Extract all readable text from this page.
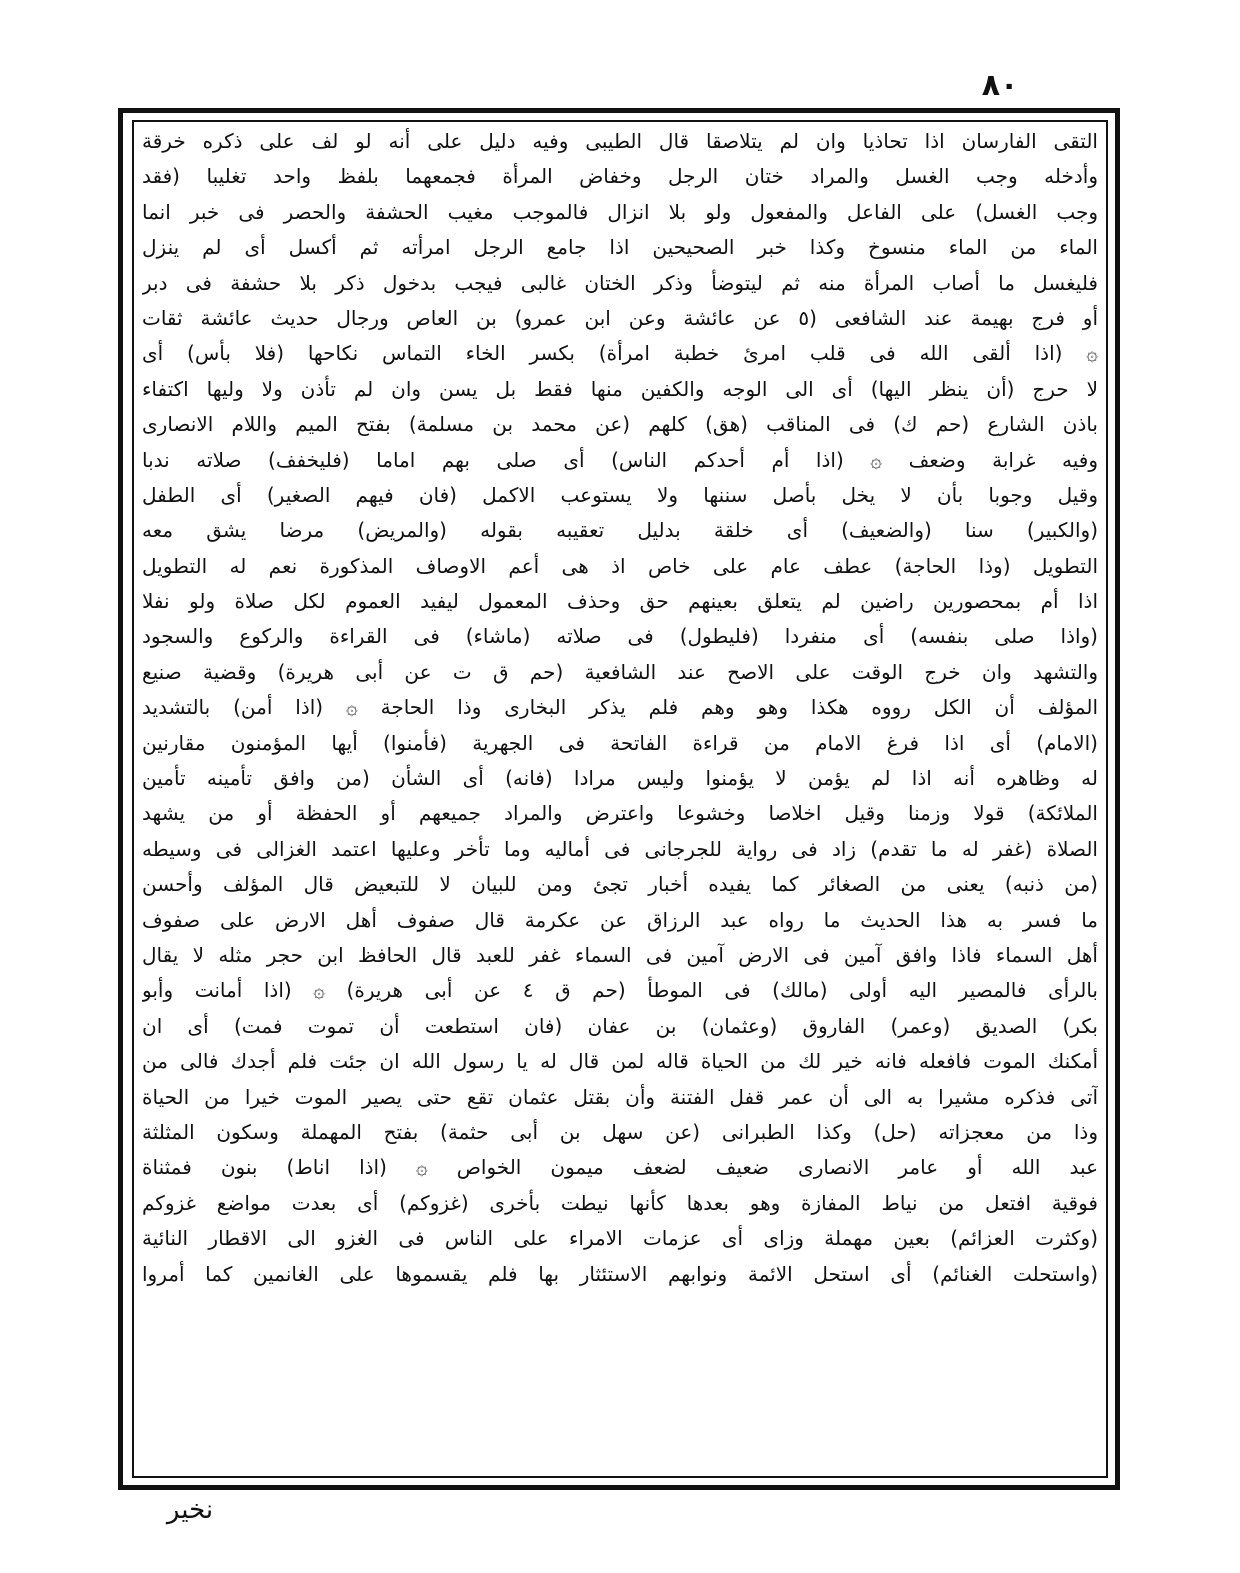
٨٠
التقى الفارسان اذا تحاذيا وان لم يتلاصقا قال الطيبى وفيه دليل على أنه لو لف على ذكره خرقة
وأدخله وجب الغسل والمراد ختان الرجل وخفاض المرأة فجمعهما بلفظ واحد تغليبا (فقد
وجب الغسل) على الفاعل والمفعول ولو بلا انزال فالموجب مغيب الحشفة والحصر فى خبر انما
الماء من الماء منسوخ وكذا خبر الصحيحين اذا جامع الرجل امرأته ثم أكسل أى لم ينزل
فليغسل ما أصاب المرأة منه ثم ليتوضأ وذكر الختان غالبى فيجب بدخول ذكر بلا حشفة فى دبر
أو فرج بهيمة عند الشافعى (٥ عن عائشة وعن ابن عمرو) بن العاص ورجال حديث عائشة ثقات
۞ (اذا ألقى الله فى قلب امرئ خطبة امرأة) بكسر الخاء التماس نكاحها (فلا بأس) أى
لا حرج (أن ينظر اليها) أى الى الوجه والكفين منها فقط بل يسن وان لم تأذن ولا وليها اكتفاء
باذن الشارع (حم ك) فى المناقب (هق) كلهم (عن محمد بن مسلمة) بفتح الميم واللام الانصارى
وفيه غرابة وضعف ۞ (اذا أم أحدكم الناس) أى صلى بهم اماما (فليخفف) صلاته ندبا
وقيل وجوبا بأن لا يخل بأصل سننها ولا يستوعب الاكمل (فان فيهم الصغير) أى الطفل
(والكبير) سنا (والضعيف) أى خلقة بدليل تعقيبه بقوله (والمريض) مرضا يشق معه
التطويل (وذا الحاجة) عطف عام على خاص اذ هى أعم الاوصاف المذكورة نعم له التطويل
اذا أم بمحصورين راضين لم يتعلق بعينهم حق وحذف المعمول ليفيد العموم لكل صلاة ولو نفلا
(واذا صلى بنفسه) أى منفردا (فليطول) فى صلاته (ماشاء) فى القراءة والركوع والسجود
والتشهد وان خرج الوقت على الاصح عند الشافعية (حم ق ت عن أبى هريرة) وقضية صنيع
المؤلف أن الكل رووه هكذا وهو وهم فلم يذكر البخارى وذا الحاجة ۞ (اذا أمن) بالتشديد
(الامام) أى اذا فرغ الامام من قراءة الفاتحة فى الجهرية (فأمنوا) أيها المؤمنون مقارنين
له وظاهره أنه اذا لم يؤمن لا يؤمنوا وليس مرادا (فانه) أى الشأن (من وافق تأمينه تأمين
الملائكة) قولا وزمنا وقيل اخلاصا وخشوعا واعترض والمراد جميعهم أو الحفظة أو من يشهد
الصلاة (غفر له ما تقدم) زاد فى رواية للجرجانى فى أماليه وما تأخر وعليها اعتمد الغزالى فى وسيطه
(من ذنبه) يعنى من الصغائر كما يفيده أخبار تجئ ومن للبيان لا للتبعيض قال المؤلف وأحسن
ما فسر به هذا الحديث ما رواه عبد الرزاق عن عكرمة قال صفوف أهل الارض على صفوف
أهل السماء فاذا وافق آمين فى الارض آمين فى السماء غفر للعبد قال الحافظ ابن حجر مثله لا يقال
بالرأى فالمصير اليه أولى (مالك) فى الموطأ (حم ق ٤ عن أبى هريرة) ۞ (اذا أمانت وأبو
بكر) الصديق (وعمر) الفاروق (وعثمان) بن عفان (فان استطعت أن تموت فمت) أى ان
أمكنك الموت فافعله فانه خير لك من الحياة قاله لمن قال له يا رسول الله ان جئت فلم أجدك فالى من
آتى فذكره مشيرا به الى أن عمر قفل الفتنة وأن بقتل عثمان تقع حتى يصير الموت خيرا من الحياة
وذا من معجزاته (حل) وكذا الطبرانى (عن سهل بن أبى حثمة) بفتح المهملة وسكون المثلثة
عبد الله أو عامر الانصارى ضعيف لضعف ميمون الخواص ۞ (اذا اناط) بنون فمثناة
فوقية افتعل من نياط المفازة وهو بعدها كأنها نيطت بأخرى (غزوكم) أى بعدت مواضع غزوكم
(وكثرت العزائم) بعين مهملة وزاى أى عزمات الامراء على الناس فى الغزو الى الاقطار النائية
(واستحلت الغنائم) أى استحل الائمة ونوابهم الاستئثار بها فلم يقسموها على الغانمين كما أمروا
نخير
